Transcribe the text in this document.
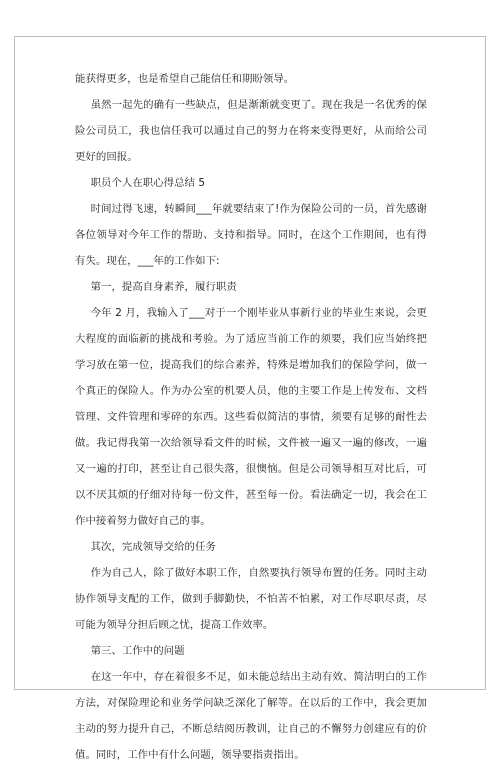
能获得更多，也是希望自己能信任和期盼领导。

虽然一起先的确有一些缺点，但是渐渐就变更了。现在我是一名优秀的保险公司员工，我也信任我可以通过自己的努力在将来变得更好，从而给公司更好的回报。

职员个人在职心得总结 5

时间过得飞速，转瞬间___年就要结束了!作为保险公司的一员，首先感谢各位领导对今年工作的帮助、支持和指导。同时，在这个工作期间，也有得有失。现在，___年的工作如下:

第一，提高自身素养，履行职责

今年 2 月，我输入了___对于一个刚毕业从事新行业的毕业生来说，会更大程度的面临新的挑战和考验。为了适应当前工作的须要，我们应当始终把学习放在第一位，提高我们的综合素养，特殊是增加我们的保险学问，做一个真正的保险人。作为办公室的机要人员，他的主要工作是上传发布、文档管理、文件管理和零碎的东西。这些看似简洁的事情，须要有足够的耐性去做。我记得我第一次给领导看文件的时候，文件被一遍又一遍的修改，一遍又一遍的打印，甚至让自己很失落，很懊恼。但是公司领导相互对比后，可以不厌其烦的仔细对待每一份文件，甚至每一份。看法确定一切，我会在工作中接着努力做好自己的事。

其次，完成领导交给的任务

作为自己人，除了做好本职工作，自然要执行领导布置的任务。同时主动协作领导支配的工作，做到手脚勤快，不怕苦不怕累，对工作尽职尽责，尽可能为领导分担后顾之忧，提高工作效率。

第三、工作中的问题

在这一年中，存在着很多不足，如未能总结出主动有效、简洁明白的工作方法，对保险理论和业务学问缺乏深化了解等。在以后的工作中，我会更加主动的努力提升自己，不断总结阅历教训，让自己的不懈努力创建应有的价值。同时，工作中有什么问题，领导要指责指出。
